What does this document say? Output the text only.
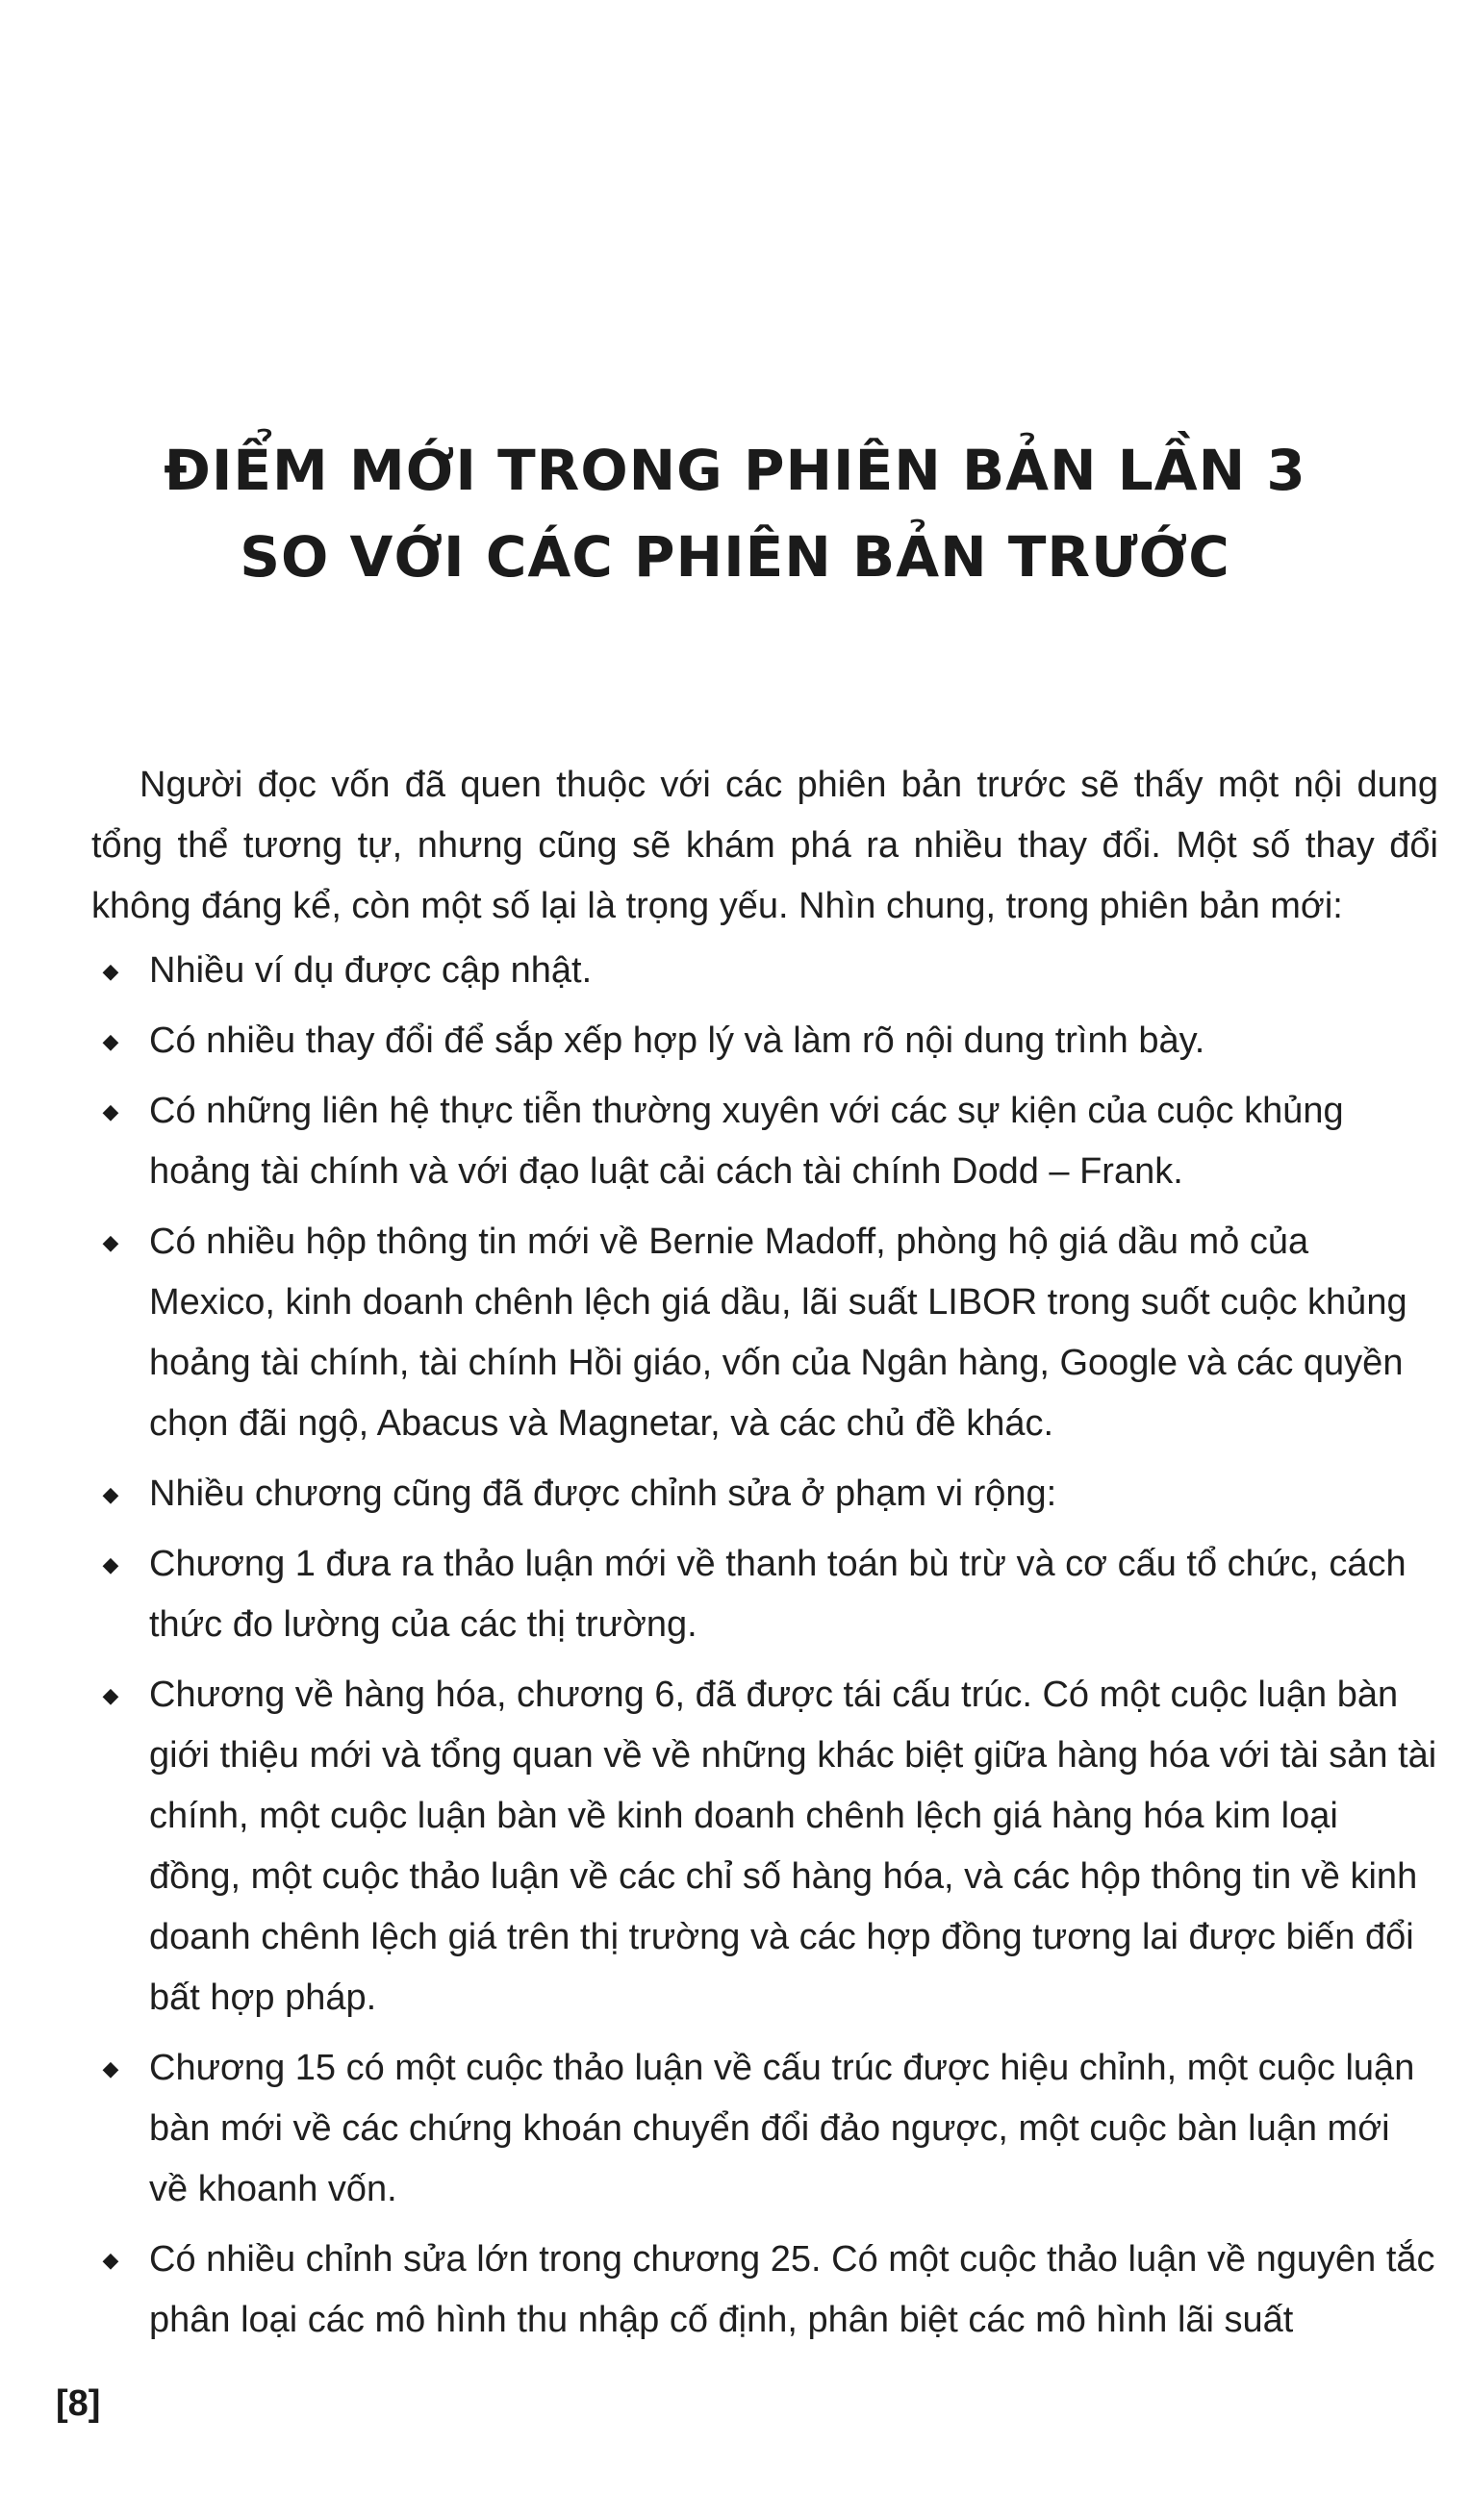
ĐIỂM MỚI TRONG PHIÊN BẢN LẦN 3
SO VỚI CÁC PHIÊN BẢN TRƯỚC

Người đọc vốn đã quen thuộc với các phiên bản trước sẽ thấy một nội dung tổng thể tương tự, nhưng cũng sẽ khám phá ra nhiều thay đổi. Một số thay đổi không đáng kể, còn một số lại là trọng yếu. Nhìn chung, trong phiên bản mới:

◆ Nhiều ví dụ được cập nhật.
◆ Có nhiều thay đổi để sắp xếp hợp lý và làm rõ nội dung trình bày.
◆ Có những liên hệ thực tiễn thường xuyên với các sự kiện của cuộc khủng hoảng tài chính và với đạo luật cải cách tài chính Dodd – Frank.
◆ Có nhiều hộp thông tin mới về Bernie Madoff, phòng hộ giá dầu mỏ của Mexico, kinh doanh chênh lệch giá dầu, lãi suất LIBOR trong suốt cuộc khủng hoảng tài chính, tài chính Hồi giáo, vốn của Ngân hàng, Google và các quyền chọn đãi ngộ, Abacus và Magnetar, và các chủ đề khác.
◆ Nhiều chương cũng đã được chỉnh sửa ở phạm vi rộng:
◆ Chương 1 đưa ra thảo luận mới về thanh toán bù trừ và cơ cấu tổ chức, cách thức đo lường của các thị trường.
◆ Chương về hàng hóa, chương 6, đã được tái cấu trúc. Có một cuộc luận bàn giới thiệu mới và tổng quan về về những khác biệt giữa hàng hóa với tài sản tài chính, một cuộc luận bàn về kinh doanh chênh lệch giá hàng hóa kim loại đồng, một cuộc thảo luận về các chỉ số hàng hóa, và các hộp thông tin về kinh doanh chênh lệch giá trên thị trường và các hợp đồng tương lai được biến đổi bất hợp pháp.
◆ Chương 15 có một cuộc thảo luận về cấu trúc được hiệu chỉnh, một cuộc luận bàn mới về các chứng khoán chuyển đổi đảo ngược, một cuộc bàn luận mới về khoanh vốn.
◆ Có nhiều chỉnh sửa lớn trong chương 25. Có một cuộc thảo luận về nguyên tắc phân loại các mô hình thu nhập cố định, phân biệt các mô hình lãi suất
[8]
